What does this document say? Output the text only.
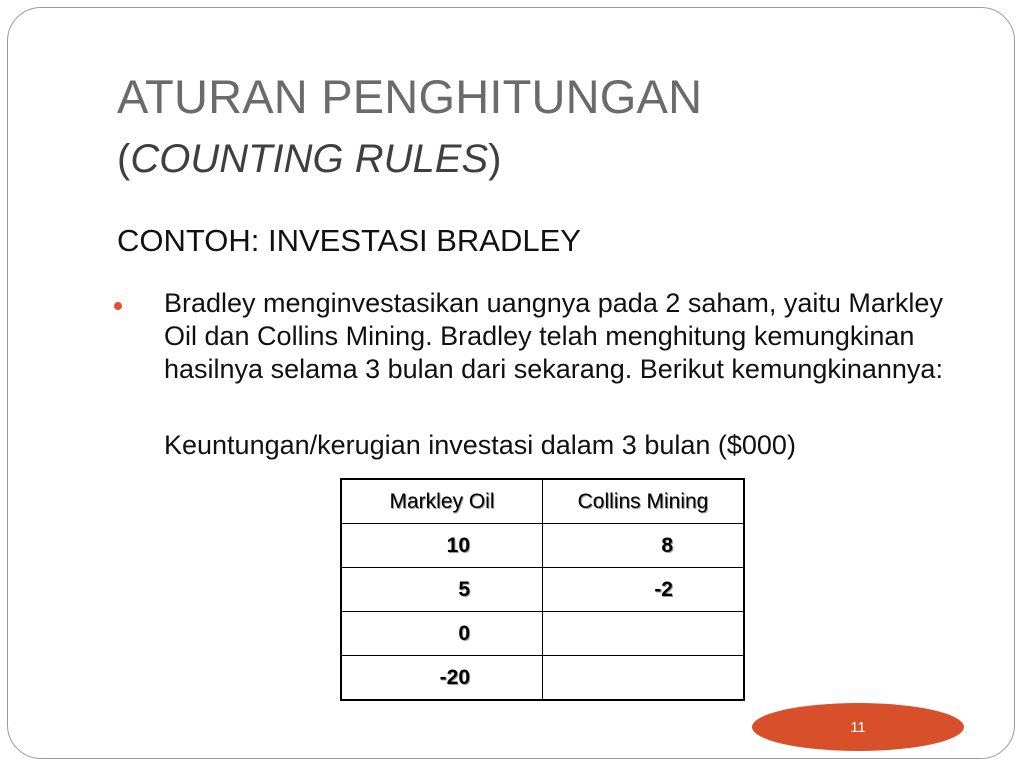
ATURAN PENGHITUNGAN
(COUNTING RULES)
CONTOH: INVESTASI BRADLEY
Bradley menginvestasikan uangnya pada 2 saham, yaitu Markley Oil dan Collins Mining. Bradley telah menghitung kemungkinan hasilnya selama 3 bulan dari sekarang. Berikut kemungkinannya:
Keuntungan/kerugian investasi dalam 3 bulan ($000)
Markley Oil	Collins Mining
10	8
5	-2
0	
-20	
11
